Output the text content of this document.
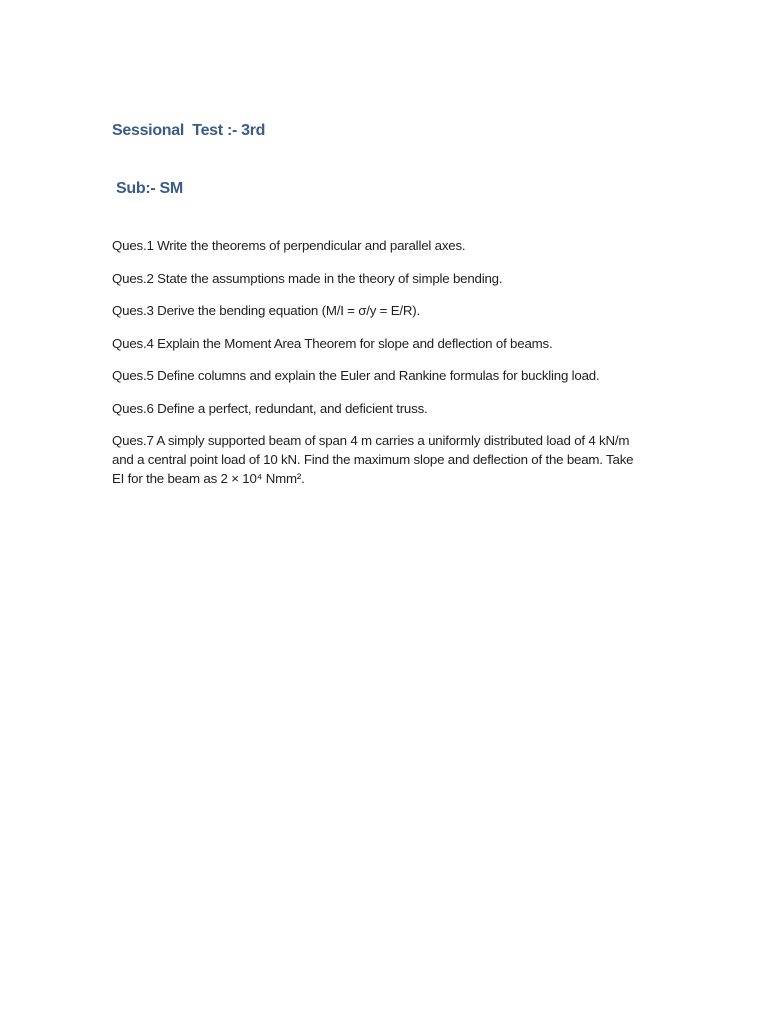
Sessional  Test :- 3rd
Sub:- SM
Ques.1 Write the theorems of perpendicular and parallel axes.
Ques.2 State the assumptions made in the theory of simple bending.
Ques.3 Derive the bending equation (M/I = σ/y = E/R).
Ques.4 Explain the Moment Area Theorem for slope and deflection of beams.
Ques.5 Define columns and explain the Euler and Rankine formulas for buckling load.
Ques.6 Define a perfect, redundant, and deficient truss.
Ques.7 A simply supported beam of span 4 m carries a uniformly distributed load of 4 kN/m and a central point load of 10 kN. Find the maximum slope and deflection of the beam. Take EI for the beam as 2 × 10⁴ Nmm².
